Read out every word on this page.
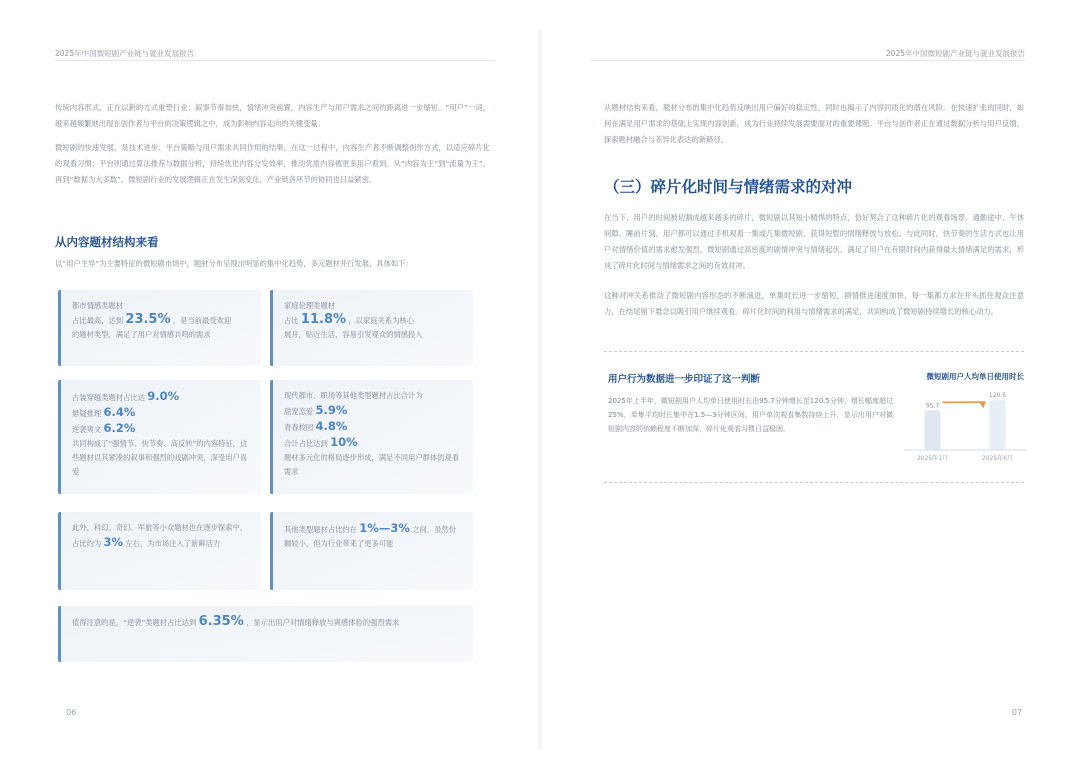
2025年中国微短剧产业链与就业发展报告
传统内容形式，正在以新的方式重塑行业：叙事节奏加快，情绪冲突前置，内容生产与用户需求之间的距离进一步缩短。“用户”一词，越来越频繁地出现在创作者与平台的决策逻辑之中，成为影响内容走向的关键变量。
微短剧的快速发展，是技术进步、平台策略与用户需求共同作用的结果。在这一过程中，内容生产者不断调整创作方式，以适应碎片化的观看习惯；平台则通过算法推荐与数据分析，持续优化内容分发效率，推动优质内容被更多用户看到。从“内容为王”到“流量为王”，再到“数据为大多数”，微短剧行业的发展逻辑正在发生深刻变化，产业链各环节的协同也日益紧密。
从内容题材结构来看
以“用户主导”为主要特征的微短剧市场中，题材分布呈现出明显的集中化趋势，多元题材并行发展，具体如下：
都市情感类题材
占比最高，达到 23.5% ，是当前最受欢迎
的题材类型，满足了用户对情感共鸣的需求
家庭伦理类题材
占比 11.8% ，以家庭关系为核心
展开，贴近生活，容易引发观众的情感投入
古装穿越类题材占比达 9.0%
悬疑推理 6.4%
逆袭爽文 6.2%
共同构成了“强情节、快节奏、高反转”的内容特征，这些题材以其紧凑的叙事和强烈的戏剧冲突，深受用户喜爱
现代都市、职场等其他类型题材占比合计为
甜宠恋爱 5.9%
青春校园 4.8%
合计占比达到 10%
题材多元化的格局逐步形成，满足不同用户群体的观看需求
此外，科幻、奇幻、军旅等小众题材也在逐步探索中，占比约为 3% 左右，为市场注入了新鲜活力
其他类型题材占比约在 1%—3% 之间，虽然份额较小，但为行业带来了更多可能
值得注意的是，“逆袭”类题材占比达到 6.35% ，显示出用户对情绪释放与爽感体验的强烈需求
06
2025年中国微短剧产业链与就业发展报告
从题材结构来看，题材分布的集中化趋势反映出用户偏好的稳定性，同时也揭示了内容同质化的潜在风险。在快速扩张的同时，如何在满足用户需求的基础上实现内容创新，成为行业持续发展需要面对的重要课题。平台与创作者正在通过数据分析与用户反馈，探索题材融合与差异化表达的新路径。
（三）碎片化时间与情绪需求的对冲
在当下，用户的时间被切割成越来越多的碎片，微短剧以其短小精悍的特点，恰好契合了这种碎片化的观看场景。通勤途中、午休间隙、睡前片刻，用户都可以通过手机观看一集或几集微短剧，获得短暂的情绪释放与放松。与此同时，快节奏的生活方式也让用户对情绪价值的需求愈发强烈，微短剧通过高密度的剧情冲突与情绪起伏，满足了用户在有限时间内获得最大情绪满足的需求，形成了碎片化时间与情绪需求之间的有效对冲。
这种对冲关系推动了微短剧内容形态的不断演进，单集时长进一步缩短，剧情推进速度加快，每一集都力求在开头抓住观众注意力，在结尾留下悬念以吸引用户继续观看。碎片化时间的利用与情绪需求的满足，共同构成了微短剧持续增长的核心动力。
用户行为数据进一步印证了这一判断
2025年上半年，微短剧用户人均单日使用时长由95.7分钟增长至120.5分钟，增长幅度超过25%，单集平均时长集中在1.5—3分钟区间，用户单次观看集数持续上升，显示出用户对微短剧内容的依赖程度不断加深，碎片化观看习惯日益稳固。
微短剧用户人均单日使用时长
95.7
2025年1月
120.5
2025年6月
07
